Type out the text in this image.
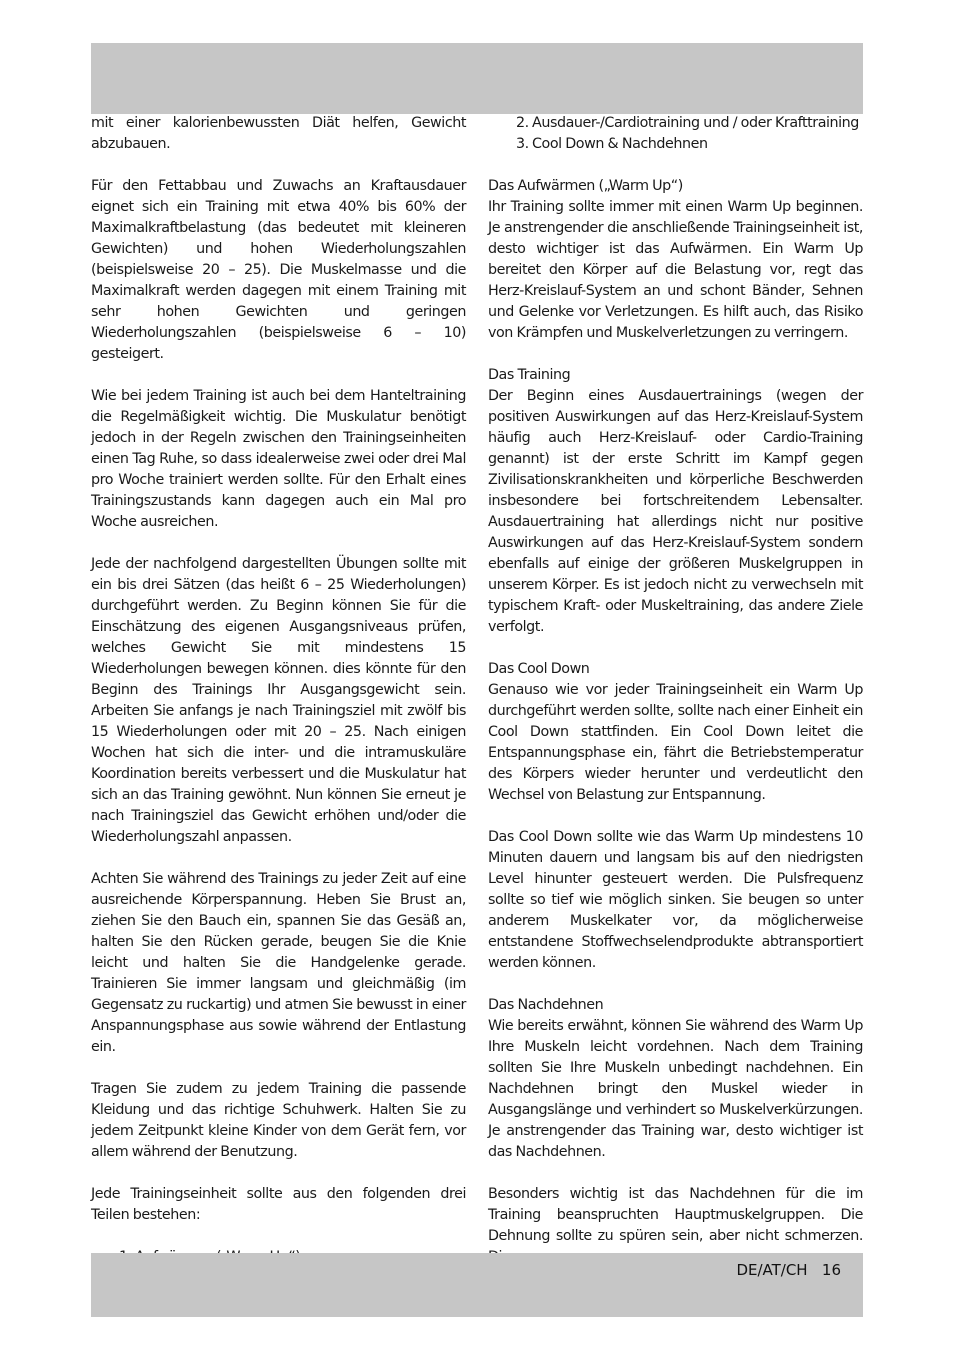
mit einer kalorienbewussten Diät helfen, Gewicht abzubauen.

Für den Fettabbau und Zuwachs an Kraftausdauer eignet sich ein Training mit etwa 40% bis 60% der Maximalkraftbelastung (das bedeutet mit kleineren Gewichten) und hohen Wiederholungszahlen (beispielsweise 20 – 25). Die Muskelmasse und die Maximalkraft werden dagegen mit einem Training mit sehr hohen Gewichten und geringen Wiederholungszahlen (beispielsweise 6 – 10) gesteigert.

Wie bei jedem Training ist auch bei dem Hanteltraining die Regelmäßigkeit wichtig. Die Muskulatur benötigt jedoch in der Regeln zwischen den Trainingseinheiten einen Tag Ruhe, so dass idealerweise zwei oder drei Mal pro Woche trainiert werden sollte. Für den Erhalt eines Trainingszustands kann dagegen auch ein Mal pro Woche ausreichen.

Jede der nachfolgend dargestellten Übungen sollte mit ein bis drei Sätzen (das heißt 6 – 25 Wiederholungen) durchgeführt werden. Zu Beginn können Sie für die Einschätzung des eigenen Ausgangsniveaus prüfen, welches Gewicht Sie mit mindestens 15 Wiederholungen bewegen können. dies könnte für den Beginn des Trainings Ihr Ausgangsgewicht sein. Arbeiten Sie anfangs je nach Trainingsziel mit zwölf bis 15 Wiederholungen oder mit 20 – 25. Nach einigen Wochen hat sich die inter- und die intramuskuläre Koordination bereits verbessert und die Muskulatur hat sich an das Training gewöhnt. Nun können Sie erneut je nach Trainingsziel das Gewicht erhöhen und/oder die Wiederholungszahl anpassen.

Achten Sie während des Trainings zu jeder Zeit auf eine ausreichende Körperspannung. Heben Sie Brust an, ziehen Sie den Bauch ein, spannen Sie das Gesäß an, halten Sie den Rücken gerade, beugen Sie die Knie leicht und halten Sie die Handgelenke gerade. Trainieren Sie immer langsam und gleichmäßig (im Gegensatz zu ruckartig) und atmen Sie bewusst in einer Anspannungsphase aus sowie während der Entlastung ein.

Tragen Sie zudem zu jedem Training die passende Kleidung und das richtige Schuhwerk. Halten Sie zu jedem Zeitpunkt kleine Kinder von dem Gerät fern, vor allem während der Benutzung.

Jede Trainingseinheit sollte aus den folgenden drei Teilen bestehen:

2. Ausdauer-/Cardiotraining und / oder Krafttraining
3. Cool Down & Nachdehnen
Das Aufwärmen („Warm Up“)

Ihr Training sollte immer mit einen Warm Up beginnen. Je anstrengender die anschließende Trainingseinheit ist, desto wichtiger ist das Aufwärmen. Ein Warm Up bereitet den Körper auf die Belastung vor, regt das Herz-Kreislauf-System an und schont Bänder, Sehnen und Gelenke vor Verletzungen. Es hilft auch, das Risiko von Krämpfen und Muskelverletzungen zu verringern.

Das Training

Der Beginn eines Ausdauertrainings (wegen der positiven Auswirkungen auf das Herz-Kreislauf-System häufig auch Herz-Kreislauf- oder Cardio-Training genannt) ist der erste Schritt im Kampf gegen Zivilisationskrankheiten und körperliche Beschwerden insbesondere bei fortschreitendem Lebensalter. Ausdauertraining hat allerdings nicht nur positive Auswirkungen auf das Herz-Kreislauf-System sondern ebenfalls auf einige der größeren Muskelgruppen in unserem Körper. Es ist jedoch nicht zu verwechseln mit typischem Kraft- oder Muskeltraining, das andere Ziele verfolgt.

Das Cool Down

Genauso wie vor jeder Trainingseinheit ein Warm Up durchgeführt werden sollte, sollte nach einer Einheit ein Cool Down stattfinden. Ein Cool Down leitet die Entspannungsphase ein, fährt die Betriebstemperatur des Körpers wieder herunter und verdeutlicht den Wechsel von Belastung zur Entspannung.

Das Cool Down sollte wie das Warm Up mindestens 10 Minuten dauern und langsam bis auf den niedrigsten Level hinunter gesteuert werden. Die Pulsfrequenz sollte so tief wie möglich sinken. Sie beugen so unter anderem Muskelkater vor, da möglicherweise entstandene Stoffwechselendprodukte abtransportiert werden können.

Das Nachdehnen

Wie bereits erwähnt, können Sie während des Warm Up Ihre Muskeln leicht vordehnen. Nach dem Training sollten Sie Ihre Muskeln unbedingt nachdehnen. Ein Nachdehnen bringt den Muskel wieder in Ausgangslänge und verhindert so Muskelverkürzungen. Je anstrengender das Training war, desto wichtiger ist das Nachdehnen.

Besonders wichtig ist das Nachdehnen für die im Training beanspruchten Hauptmuskelgruppen. Die Dehnung sollte zu spüren sein, aber nicht schmerzen.

DE/AT/CH 16
